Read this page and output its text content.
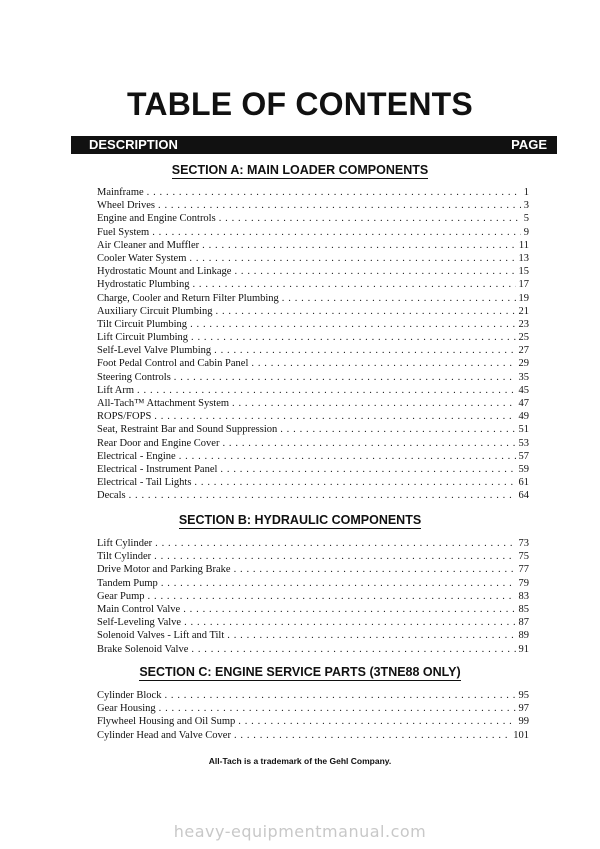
TABLE OF CONTENTS
DESCRIPTION	PAGE
SECTION A: MAIN LOADER COMPONENTS
Mainframe . . .	1
Wheel Drives . . .	3
Engine and Engine Controls . . .	5
Fuel System . . .	9
Air Cleaner and Muffler . . .	11
Cooler Water System . . .	13
Hydrostatic Mount and Linkage . . .	15
Hydrostatic Plumbing . . .	17
Charge, Cooler and Return Filter Plumbing . . .	19
Auxiliary Circuit Plumbing . . .	21
Tilt Circuit Plumbing . . .	23
Lift Circuit Plumbing . . .	25
Self-Level Valve Plumbing . . .	27
Foot Pedal Control and Cabin Panel . . .	29
Steering Controls . . .	35
Lift Arm . . .	45
All-Tach™ Attachment System . . .	47
ROPS/FOPS . . .	49
Seat, Restraint Bar and Sound Suppression . . .	51
Rear Door and Engine Cover . . .	53
Electrical - Engine . . .	57
Electrical - Instrument Panel . . .	59
Electrical - Tail Lights . . .	61
Decals . . .	64
SECTION B: HYDRAULIC COMPONENTS
Lift Cylinder . . .	73
Tilt Cylinder . . .	75
Drive Motor and Parking Brake . . .	77
Tandem Pump . . .	79
Gear Pump . . .	83
Main Control Valve . . .	85
Self-Leveling Valve . . .	87
Solenoid Valves - Lift and Tilt . . .	89
Brake Solenoid Valve . . .	91
SECTION C: ENGINE SERVICE PARTS (3TNE88 ONLY)
Cylinder Block . . .	95
Gear Housing . . .	97
Flywheel Housing and Oil Sump . . .	99
Cylinder Head and Valve Cover . . .	101
All-Tach is a trademark of the Gehl Company.
heavy-equipmentmanual.com
